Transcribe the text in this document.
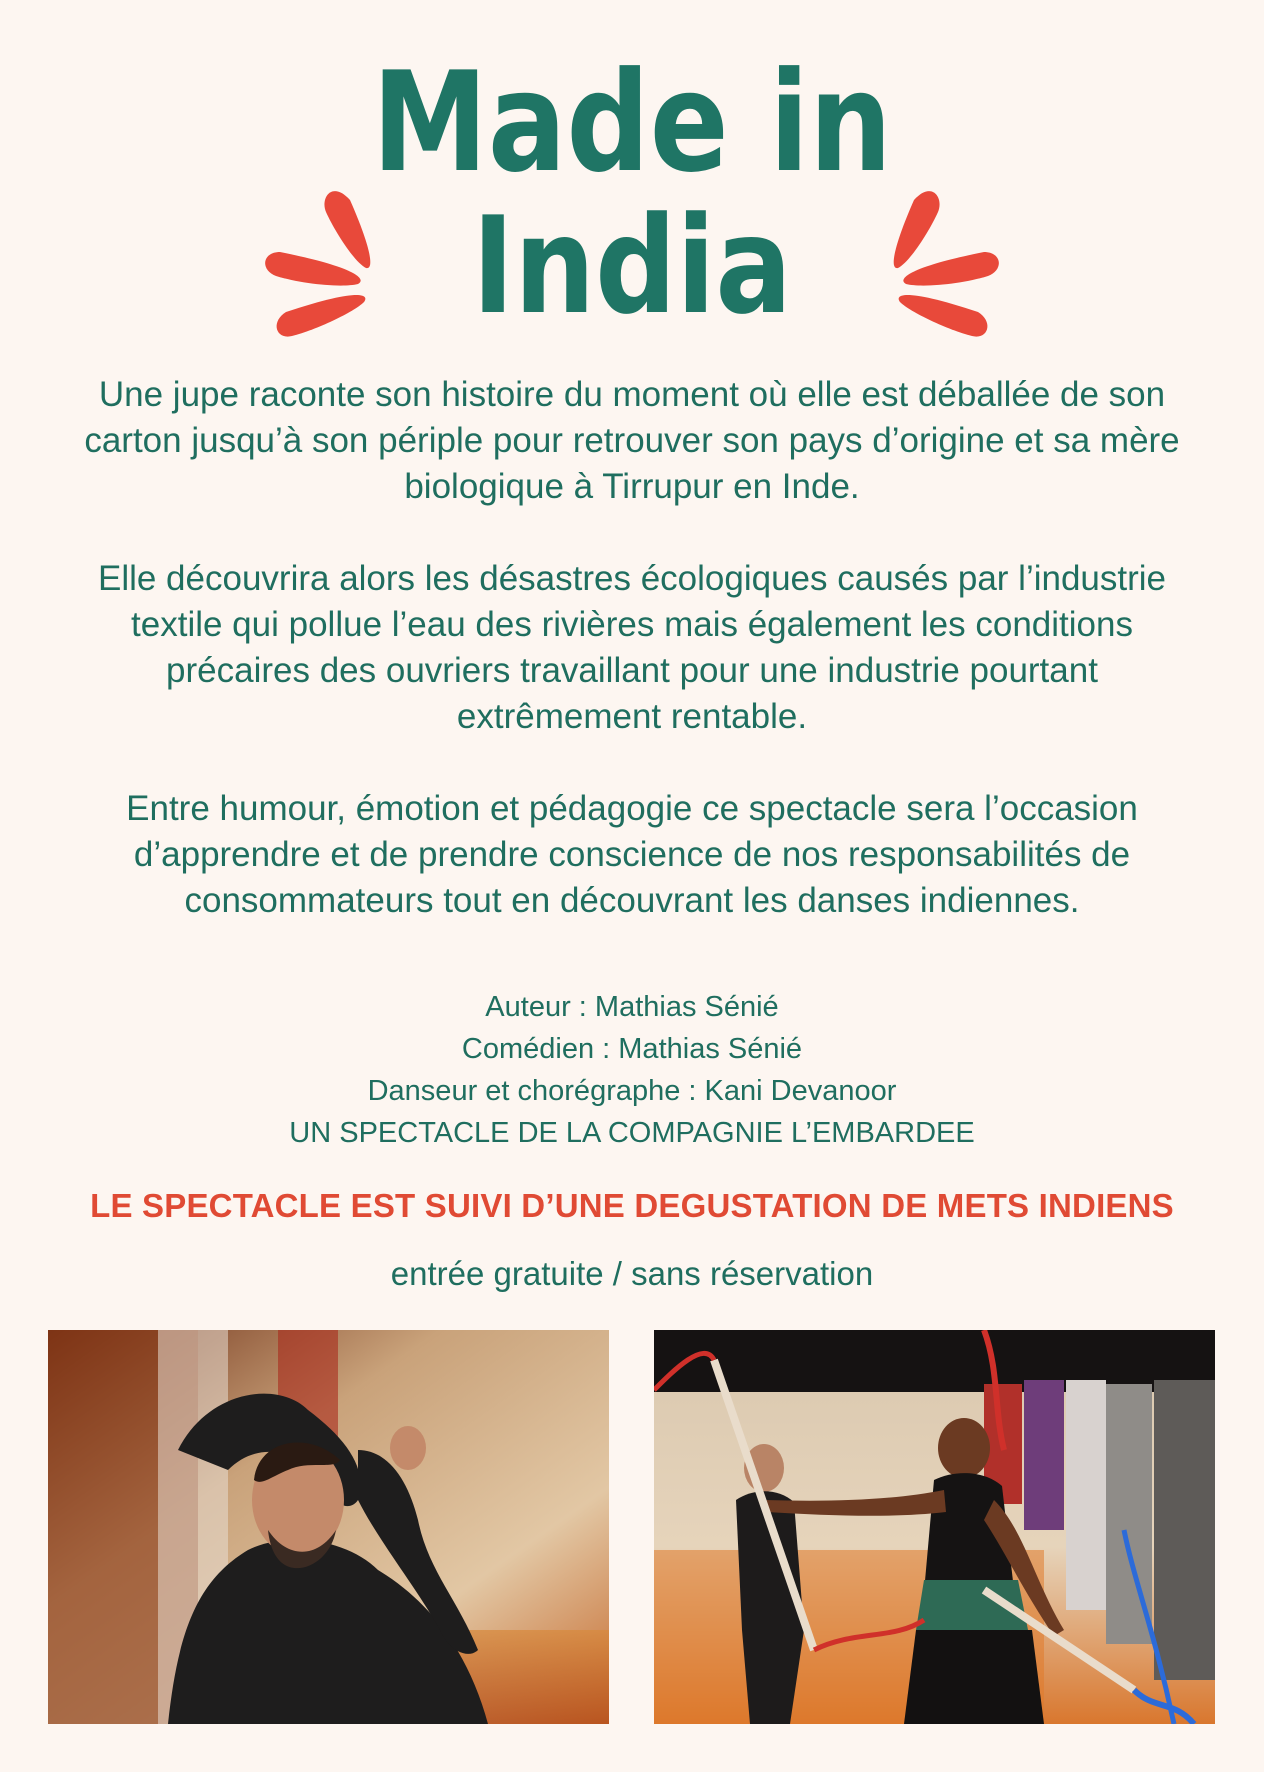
Made in
India

Une jupe raconte son histoire du moment où elle est déballée de son carton jusqu’à son périple pour retrouver son pays d’origine et sa mère biologique à Tirrupur en Inde.

Elle découvrira alors les désastres écologiques causés par l’industrie textile qui pollue l’eau des rivières mais également les conditions précaires des ouvriers travaillant pour une industrie pourtant extrêmement rentable.

Entre humour, émotion et pédagogie ce spectacle sera l’occasion d’apprendre et de prendre conscience de nos responsabilités de consommateurs tout en découvrant les danses indiennes.

Auteur : Mathias Sénié
Comédien : Mathias Sénié
Danseur et chorégraphe : Kani Devanoor
UN SPECTACLE DE LA COMPAGNIE L’EMBARDEE
LE SPECTACLE EST SUIVI D’UNE DEGUSTATION DE METS INDIENS
entrée gratuite / sans réservation
